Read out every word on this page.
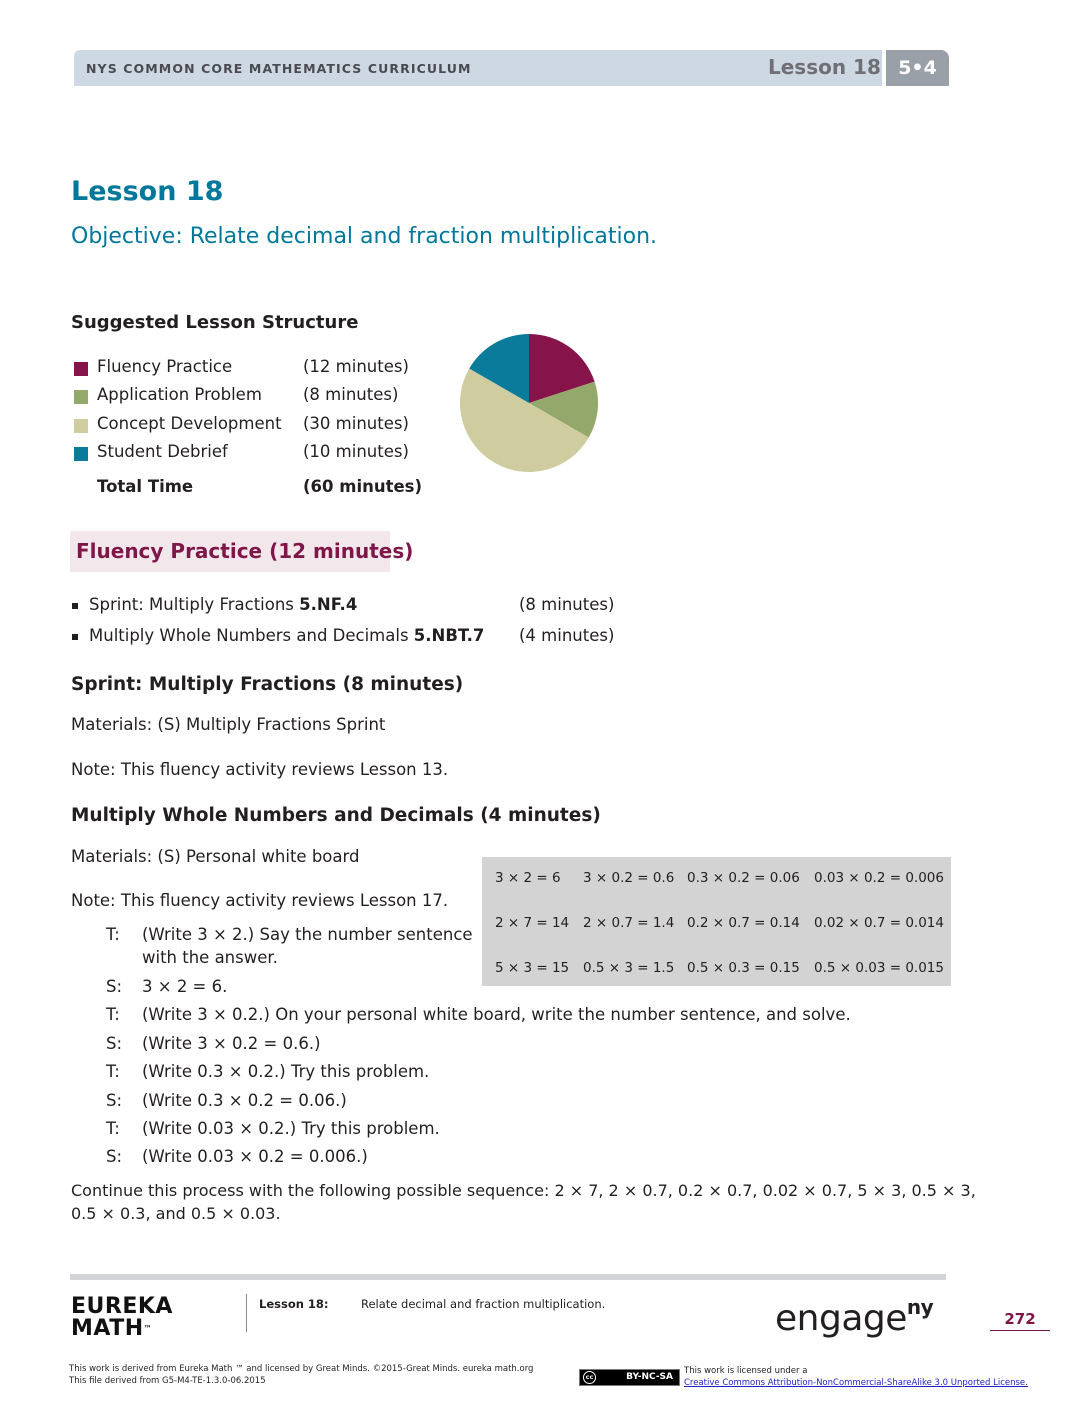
NYS COMMON CORE MATHEMATICS CURRICULUM	Lesson 18 5•4
Lesson 18
Objective: Relate decimal and fraction multiplication.
Suggested Lesson Structure
Fluency Practice	(12 minutes)
Application Problem (8 minutes)
Concept Development (30 minutes)
Student Debrief	(10 minutes)
Total Time	(60 minutes)
Fluency Practice (12 minutes)
Sprint: Multiply Fractions 5.NF.4	(8 minutes)
Multiply Whole Numbers and Decimals 5.NBT.7 (4 minutes)
Sprint: Multiply Fractions (8 minutes)
Materials: (S) Multiply Fractions Sprint
Note: This fluency activity reviews Lesson 13.
Multiply Whole Numbers and Decimals (4 minutes)
Materials: (S) Personal white board
Note: This fluency activity reviews Lesson 17.
3 × 2 = 6 3 × 0.2 = 0.6 0.3 × 0.2 = 0.06 0.03 × 0.2 = 0.006
2 × 7 = 14 2 × 0.7 = 1.4 0.2 × 0.7 = 0.14 0.02 × 0.7 = 0.014
5 × 3 = 15 0.5 × 3 = 1.5 0.5 × 0.3 = 0.15 0.5 × 0.03 = 0.015
T: (Write 3 × 2.) Say the number sentence
with the answer.
S: 3 × 2 = 6.
T: (Write 3 × 0.2.) On your personal white board, write the number sentence, and solve.
S: (Write 3 × 0.2 = 0.6.)
T: (Write 0.3 × 0.2.) Try this problem.
S: (Write 0.3 × 0.2 = 0.06.)
T: (Write 0.03 × 0.2.) Try this problem.
S: (Write 0.03 × 0.2 = 0.006.)
Continue this process with the following possible sequence: 2 × 7, 2 × 0.7, 0.2 × 0.7, 0.02 × 0.7, 5 × 3, 0.5 × 3,
0.5 × 0.3, and 0.5 × 0.03.
EUREKA
MATH™
Lesson 18:	Relate decimal and fraction multiplication.	engage$^{ny}$	272
This work is derived from Eureka Math ™ and licensed by Great Minds. ©2015-Great Minds. eureka math.org
This file derived from G5-M4-TE-1.3.0-06.2015	cc	BY-NC-SA
This work is licensed under a
Creative Commons Attribution-NonCommercial-ShareAlike 3.0 Unported License.
